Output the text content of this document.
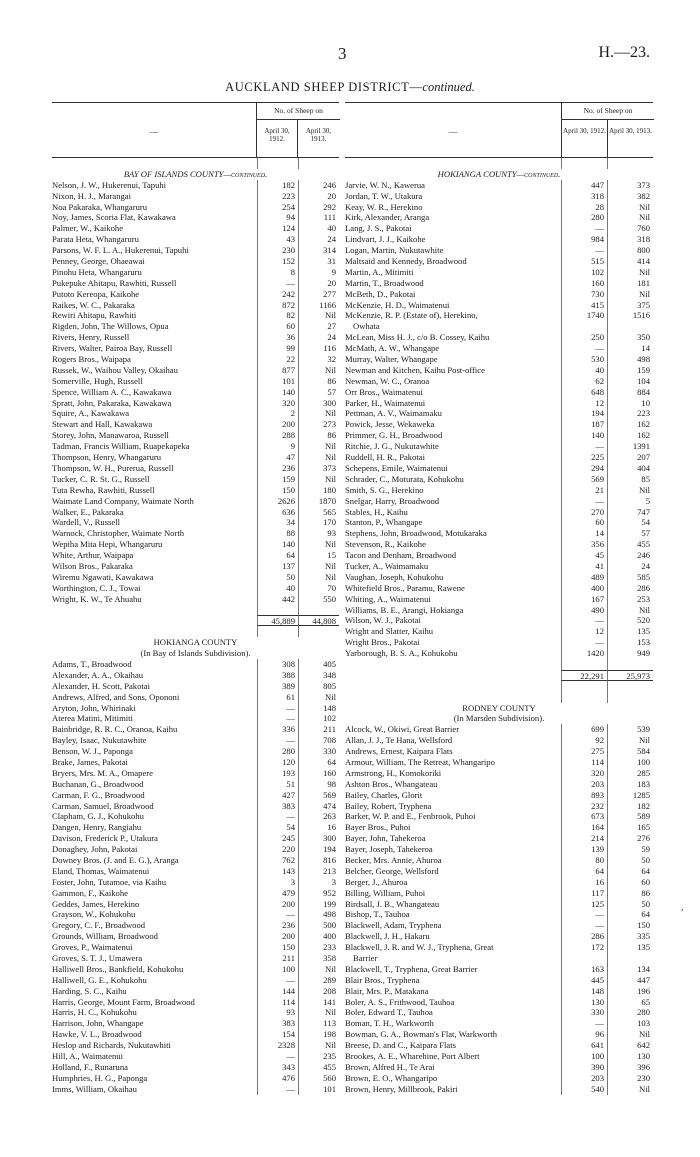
3	H.—23.
AUCKLAND SHEEP DISTRICT—continued.
—
No. of Sheep on
April 30, 1912.
April 30, 1913.
BAY OF ISLANDS COUNTY—continued.
Nelson, J. W., Hukerenui, Tapuhi	182	246
Nixon, H. J., Marangai	223	20
Noa Pakaraka, Whangaruru	254	292
Noy, James, Scoria Flat, Kawakawa	94	111
Palmer, W., Kaikohe	124	40
Parata Heta, Whangaruru	43	24
Parsons, W. F. L. A., Hukerenui, Tapuhi	230	314
Penney, George, Ohaeawai	152	31
Pinohu Heta, Whangaruru	8	9
Pukepuke Ahitapu, Rawhiti, Russell	—	20
Putoto Kereopa, Kaikohe	242	277
Raikes, W. C., Pakaraka	872	1166
Rewiri Ahitapu, Rawhiti	82	Nil
Rigden, John, The Willows, Opua	60	27
Rivers, Henry, Russell	36	24
Rivers, Walter, Pairoa Bay, Russell	99	116
Rogers Bros., Waipapa	22	32
Russek, W., Waihou Valley, Okaihau	877	Nil
Somerville, Hugh, Russell	101	86
Spence, William A. C., Kawakawa	140	57
Spratt, John, Pakaraka, Kawakawa	320	300
Squire, A., Kawakawa	2	Nil
Stewart and Hall, Kawakawa	200	273
Storey, John, Manawaroa, Russell	288	86
Tadman, Francis William, Ruapekapeka	9	Nil
Thompson, Henry, Whangaruru	47	Nil
Thompson, W. H., Purerua, Russell	236	373
Tucker, C. R. St. G., Russell	159	Nil
Tuta Rewha, Rawhiti, Russell	150	180
Waimate Land Company, Waimate North	2626	1870
Walker, E., Pakaraka	636	565
Wardell, V., Russell	34	170
Warnock, Christopher, Waimate North	88	93
Wepiha Mita Hepi, Whangaruru	140	Nil
White, Arthur, Waipapa	64	15
Wilson Bros., Pakaraka	137	Nil
Wiremu Ngawati, Kawakawa	50	Nil
Worthington, C. J., Towai	40	70
Wright, K. W., Te Ahuahu	442	550
45,889	44,808
HOKIANGA COUNTY
(In Bay of Islands Subdivision).
Adams, T., Broadwood	308	405
Alexander, A. A., Okaihau	388	348
Alexander, H. Scott, Pakotai	389	805
Andrews, Alfred, and Sons, Opononi	61	Nil
Aryton, John, Whirinaki	—	148
Aterea Matini, Mitimiti	—	102
Bainbridge, R. R. C., Oranoa, Kaihu	336	211
Bayley, Isaac, Nukutawhite	—	708
Benson, W. J., Paponga	280	330
Brake, James, Pakotai	120	64
Bryers, Mrs. M. A., Omapere	193	160
Buchanan, G., Broadwood	51	98
Carman, F. G., Broadwood	427	569
Carman, Samuel, Broadwood	383	474
Clapham, G. J., Kohukohu	—	263
Dangen, Henry, Rangiahu	54	16
Davison, Frederick P., Utakura	245	300
Donaghey, John, Pakotai	220	194
Downey Bros. (J. and E. G.), Aranga	762	816
Eland, Thomas, Waimatenui	143	213
Foster, John, Tutamoe, via Kaihu	3	3
Gammon, F., Kaikohe	479	952
Geddes, James, Herekino	200	199
Grayson, W., Kohukohu	—	498
Gregory, C. F., Broadwood	236	500
Grounds, William, Broadwood	200	400
Groves, P., Waimatenui	150	233
Groves, S. T. J., Umawera	211	358
Halliwell Bros., Bankfield, Kohukohu	100	Nil
Halliwell, G. E., Kohukohu	—	289
Harding, S. C., Kaihu	144	208
Harris, George, Mount Farm, Broadwood	114	141
Harris, H. C., Kohukohu	93	Nil
Harrison, John, Whangape	383	113
Hawke, V. L., Broadwood	154	198
Heslop and Richards, Nukutawhiti	2328	Nil
Hill, A., Waimatenui	—	235
Holland, F., Runaruna	343	455
Humphries, H. G., Paponga	476	560
Imms, William, Okaihau	—	101
—
No. of Sheep on
April 30, 1912. April 30, 1913.
HOKIANGA COUNTY—continued.
Jarvie, W. N., Kawerua	447	373
Jordan, T. W., Utakura	318	382
Keay, W. R., Herekino	28	Nil
Kirk, Alexander, Aranga	280	Nil
Lang, J. S., Pakotai	—	760
Lindvart, J. J., Kaikohe	984	318
Logan, Martin, Nukutawhite	—	800
Maltsaid and Kennedy, Broadwood	515	414
Martin, A., Mitimiti	102	Nil
Martin, T., Broadwood	160	181
McBeth, D., Pakotai	730	Nil
McKenzie, H. D., Waimatenui	415	375
McKenzie, R. P. (Estate of), Herekino,	1740	1516
Owhata
McLean, Miss H. J., c/o B. Cossey, Kaihu	250	350
McMath, A. W., Whangape	—	14
Murray, Walter, Whangape	530	498
Newman and Kitchen, Kaihu Post-office	40	159
Newman, W. C., Oranoa	62	104
Orr Bros., Waimatenui	648	884
Parker, H., Waimatenui	12	10
Pettman, A. V., Waimamaku	194	223
Powick, Jesse, Wekaweka	187	162
Primmer, G. H., Broadwood	140	162
Ritchie, J. G., Nukutawhite	—	1391
Ruddell, H. R., Pakotai	225	207
Schepens, Emile, Waimatenui	294	404
Schrader, C., Moturata, Kohukohu	569	85
Smith, S. G., Herekino	21	Nil
Snelgar, Harry, Broadwood	—	5
Stables, H., Kaihu	270	747
Stanton, P., Whangape	60	54
Stephens, John, Broadwood, Motukaraka	14	57
Stevenson, R., Kaikohe	356	455
Tacon and Denham, Broadwood	45	246
Tucker, A., Waimamaku	41	24
Vaughan, Joseph, Kohukohu	489	585
Whitefield Bros., Paramu, Rawene	400	286
Whiting, A., Waimatenui	167	253
Williams, B. E., Arangi, Hokianga	490	Nil
Wilson, W. J., Pakotai	—	520
Wright and Slatter, Kaihu	12	135
Wright Bros., Pakotai	—	153
Yarborough, B. S. A., Kohukohu	1420	949
22,291	25,973
RODNEY COUNTY
(In Marsden Subdivision).
Alcock, W., Okiwi, Great Barrier	699	539
Allan, J. J., Te Hana, Wellsford	92	Nil
Andrews, Ernest, Kaipara Flats	275	584
Armour, William, The Retreat, Whangaripo	114	100
Armstrong, H., Komokoriki	320	285
Ashton Bros., Whangateau	203	183
Bailey, Charles, Glorit	893	1285
Bailey, Robert, Tryphena	232	182
Barker, W. P. and E., Fenbrook, Puhoi	673	589
Bayer Bros., Puhoi	164	165
Bayer, John, Tahekeroa	214	276
Bayer, Joseph, Tahekeroa	139	59
Becker, Mrs. Annie, Ahuroa	80	50
Belcher, George, Wellsford	64	64
Berger, J., Ahuroa	16	60
Billing, William, Puhoi	117	86
Birdsall, J. B., Whangateau	125	50
Bishop, T., Tauhoa	—	64
Blackwell, Adam, Tryphena	—	150
Blackwell, J. H., Hakaru	286	335
Blackwell, J. R. and W. J., Tryphena, Great	172	135
Barrier
Blackwell, T., Tryphena, Great Barrier	163	134
Blair Bros., Tryphena	445	447
Blair, Mrs. P., Matakana	148	196
Boler, A. S., Frithwood, Tauhoa	130	65
Boler, Edward T., Tauhoa	330	280
Boman, T. H., Warkworth	—	103
Bowman, G. A., Bowman's Flat, Warkworth	96	Nil
Breese, D. and C., Kaipara Flats	641	642
Brookes, A. E., Wharehine, Port Albert	100	130
Brown, Alfred H., Te Arai	390	396
Brown, E. O., Whangaripo	203	230
Brown, Henry, Millbrook, Pakiri	540	Nil
,
